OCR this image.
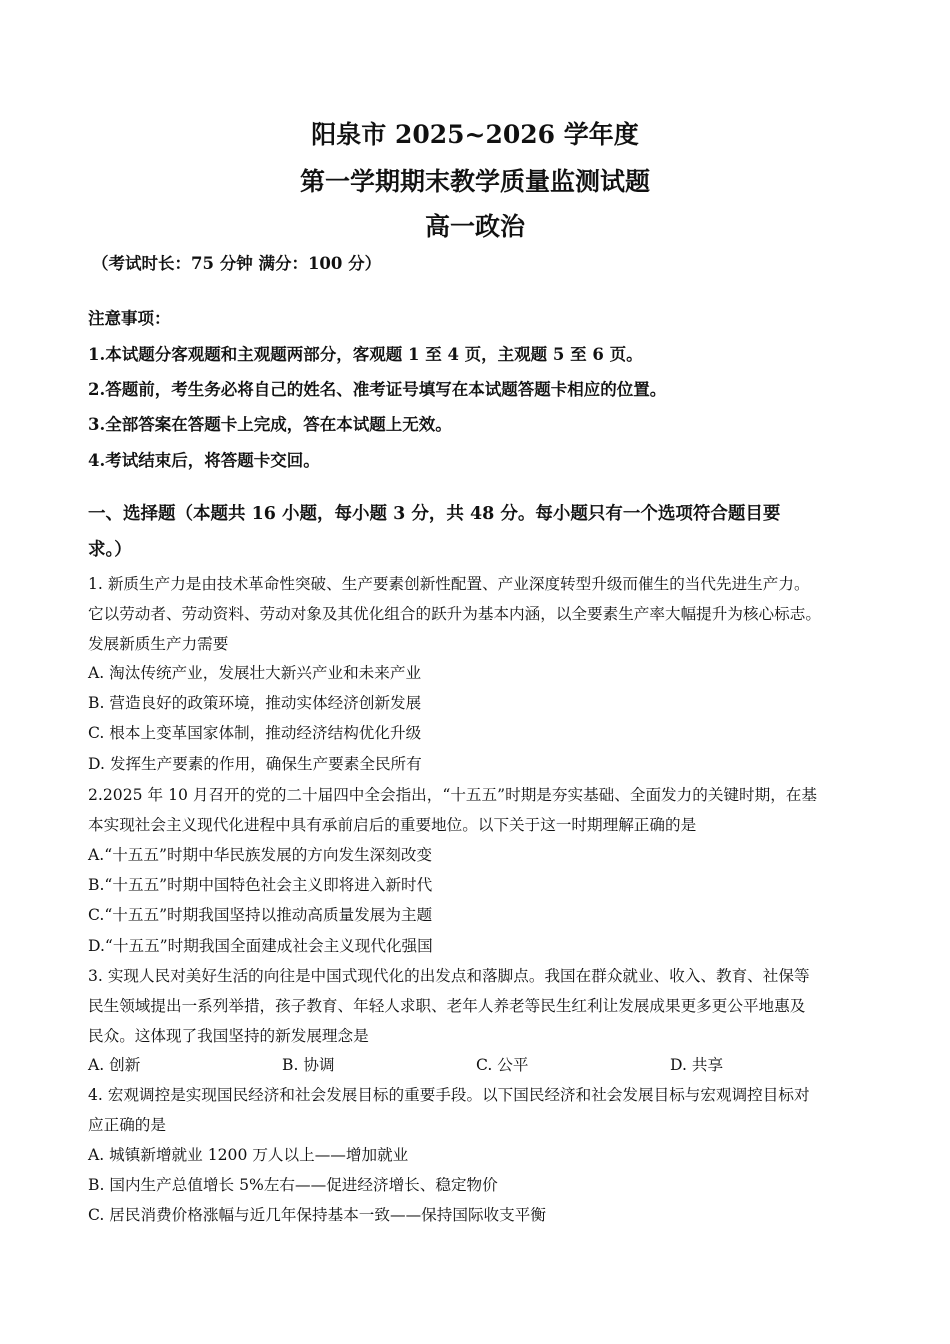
阳泉市 2025~2026 学年度
第一学期期末教学质量监测试题
高一政治
（考试时长：75 分钟 满分：100 分）
注意事项：
1.本试题分客观题和主观题两部分，客观题 1 至 4 页，主观题 5 至 6 页。
2.答题前，考生务必将自己的姓名、准考证号填写在本试题答题卡相应的位置。
3.全部答案在答题卡上完成，答在本试题上无效。
4.考试结束后，将答题卡交回。
一、选择题（本题共 16 小题，每小题 3 分，共 48 分。每小题只有一个选项符合题目要
求。）
1. 新质生产力是由技术革命性突破、生产要素创新性配置、产业深度转型升级而催生的当代先进生产力。
它以劳动者、劳动资料、劳动对象及其优化组合的跃升为基本内涵，以全要素生产率大幅提升为核心标志。
发展新质生产力需要
A. 淘汰传统产业，发展壮大新兴产业和未来产业
B. 营造良好的政策环境，推动实体经济创新发展
C. 根本上变革国家体制，推动经济结构优化升级
D. 发挥生产要素的作用，确保生产要素全民所有
2.2025 年 10 月召开的党的二十届四中全会指出，“十五五”时期是夯实基础、全面发力的关键时期，在基
本实现社会主义现代化进程中具有承前启后的重要地位。以下关于这一时期理解正确的是
A.“十五五”时期中华民族发展的方向发生深刻改变
B.“十五五”时期中国特色社会主义即将进入新时代
C.“十五五”时期我国坚持以推动高质量发展为主题
D.“十五五”时期我国全面建成社会主义现代化强国
3. 实现人民对美好生活的向往是中国式现代化的出发点和落脚点。我国在群众就业、收入、教育、社保等
民生领域提出一系列举措，孩子教育、年轻人求职、老年人养老等民生红利让发展成果更多更公平地惠及
民众。这体现了我国坚持的新发展理念是
A. 创新	B. 协调	C. 公平	D. 共享
4. 宏观调控是实现国民经济和社会发展目标的重要手段。以下国民经济和社会发展目标与宏观调控目标对
应正确的是
A. 城镇新增就业 1200 万人以上——增加就业
B. 国内生产总值增长 5%左右——促进经济增长、稳定物价
C. 居民消费价格涨幅与近几年保持基本一致——保持国际收支平衡
